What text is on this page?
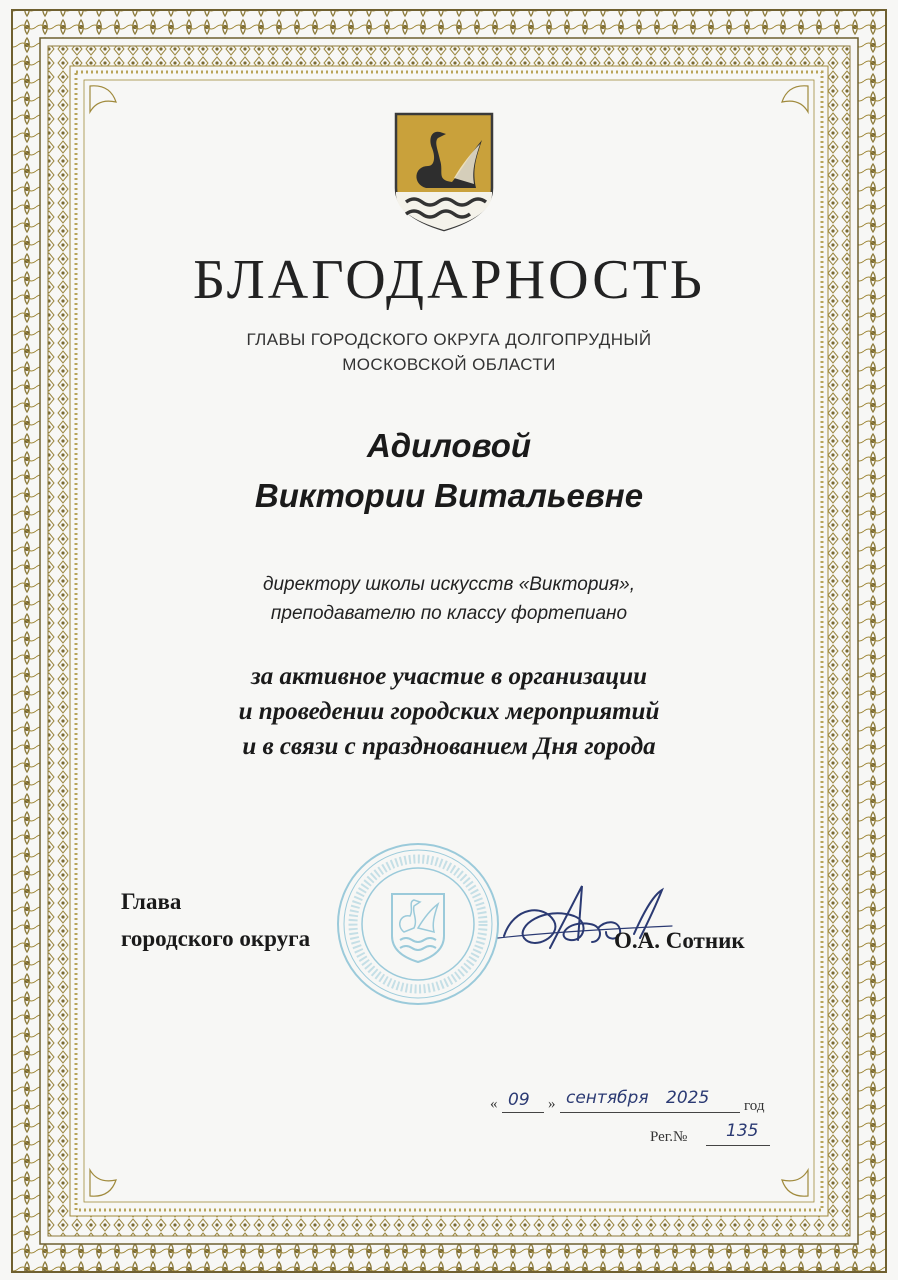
БЛАГОДАРНОСТЬ
ГЛАВЫ ГОРОДСКОГО ОКРУГА ДОЛГОПРУДНЫЙ
МОСКОВСКОЙ ОБЛАСТИ
Адиловой
Виктории Витальевне
директору школы искусств «Виктория»,
преподавателю по классу фортепиано
за активное участие в организации
и проведении городских мероприятий
и в связи с празднованием Дня города
Глава
городского округа	О.А. Сотник
« 09 » сентября 2025 год
Рег.№ 135
